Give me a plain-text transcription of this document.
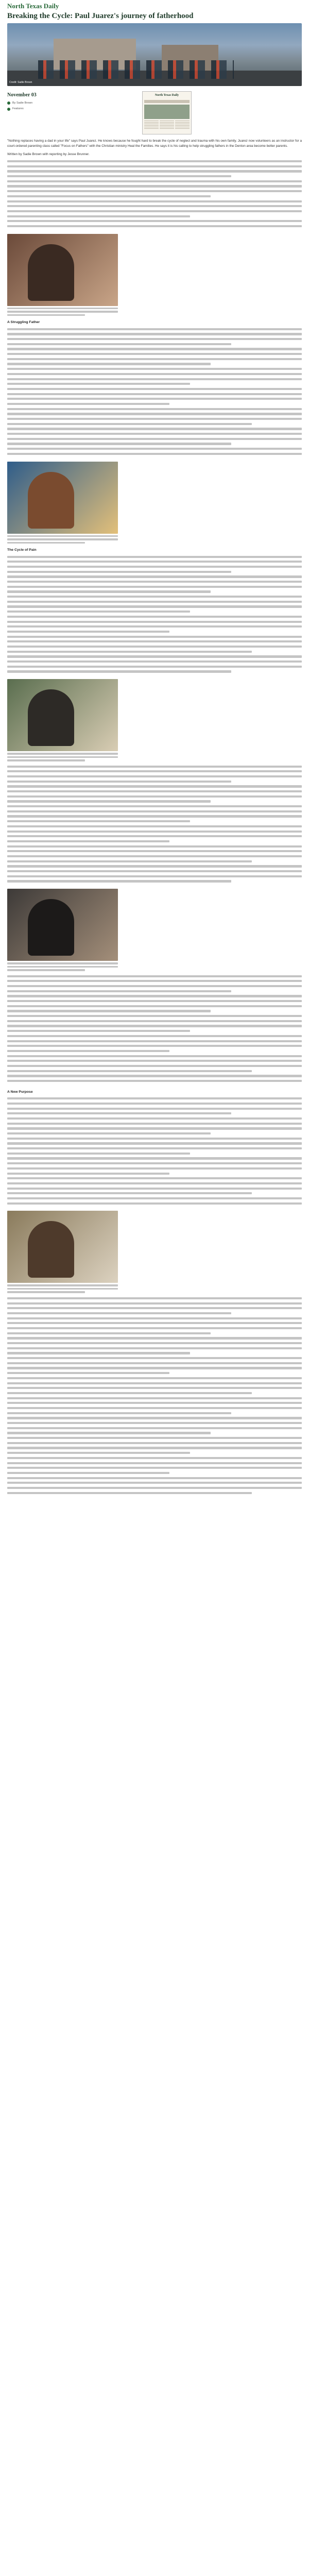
North Texas Daily
Breaking the Cycle: Paul Juarez's journey of fatherhood
Credit: Sadie Brown
November 03
By Sadie Brown
Features
North Texas Daily

"Nothing replaces having a dad in your life" says Paul Juarez. He knows because he fought hard to break the cycle of neglect and trauma with his own family. Juarez now volunteers as an instructor for a court-ordered parenting class called "Focus on Fathers" with the Christian ministry Heal the Families. He says it is his calling to help struggling fathers in the Denton area become better parents.

Written by Sadie Brown with reporting by Jesse Brunner.

A Struggling Father
The Cycle of Pain
A New Purpose
